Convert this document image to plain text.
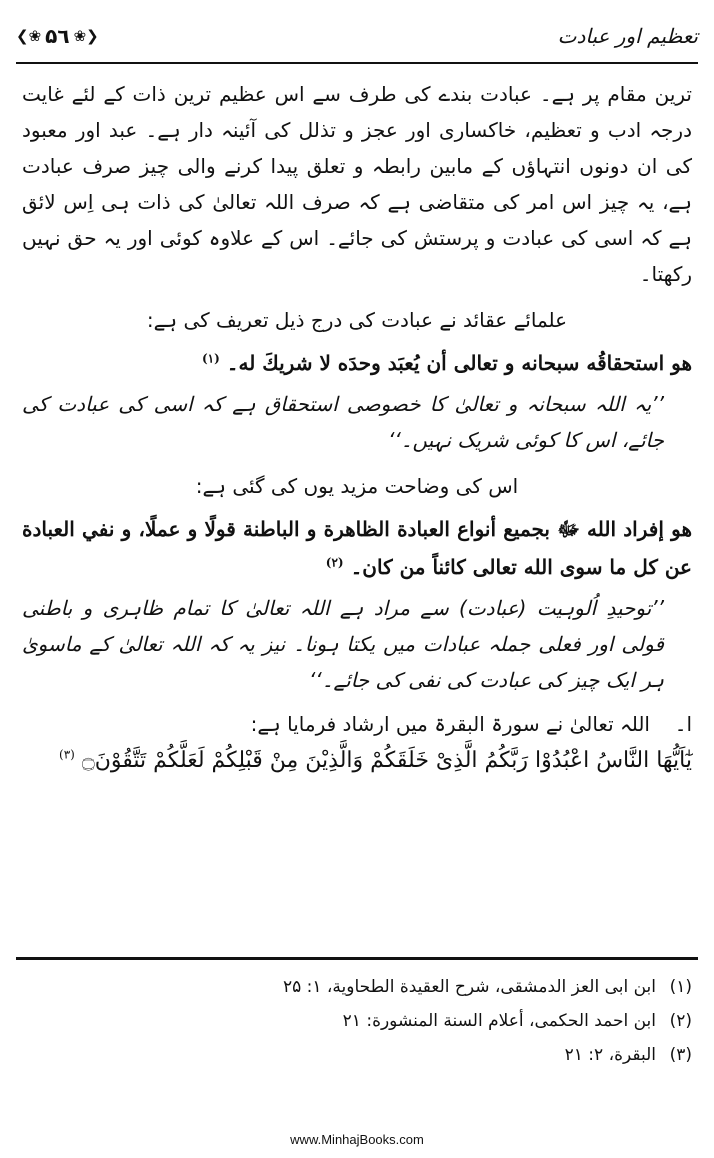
تعظیم اور عبادت
❮❀ ۵٦ ❀❯

ترین مقام پر ہے۔ عبادت بندے کی طرف سے اس عظیم ترین ذات کے لئے غایت درجہ ادب و تعظیم، خاکساری اور عجز و تذلل کی آئینہ دار ہے۔ عبد اور معبود کی ان دونوں انتہاؤں کے مابین رابطہ و تعلق پیدا کرنے والی چیز صرف عبادت ہے، یہ چیز اس امر کی متقاضی ہے کہ صرف اللہ تعالیٰ کی ذات ہی اِس لائق ہے کہ اسی کی عبادت و پرستش کی جائے۔ اس کے علاوہ کوئی اور یہ حق نہیں رکھتا۔

علمائے عقائد نے عبادت کی درج ذیل تعریف کی ہے:

هو استحقاقُه سبحانه و تعالى أن يُعبَد وحدَه لا شريكَ له۔ $^{(١)}$

’’یہ اللہ سبحانہ و تعالیٰ کا خصوصی استحقاق ہے کہ اسی کی عبادت کی جائے، اس کا کوئی شریک نہیں۔‘‘

اس کی وضاحت مزید یوں کی گئی ہے:

هو إفراد الله ﷻ بجميع أنواع العبادة الظاهرة و الباطنة قولًا و عملًا، و نفي العبادة عن كل ما سوى الله تعالى كائناً من كان۔ $^{(٢)}$

’’توحیدِ اُلوہیت (عبادت) سے مراد ہے اللہ تعالیٰ کا تمام ظاہری و باطنی قولی اور فعلی جملہ عبادات میں یکتا ہونا۔ نیز یہ کہ اللہ تعالیٰ کے ماسویٰ ہر ایک چیز کی عبادت کی نفی کی جائے۔‘‘

ا۔
اللہ تعالیٰ نے سورۃ البقرۃ میں ارشاد فرمایا ہے:

يٰٓاَيُّهَا النَّاسُ اعْبُدُوْا رَبَّكُمُ الَّذِیْ خَلَقَكُمْ وَالَّذِيْنَ مِنْ قَبْلِكُمْ لَعَلَّكُمْ تَتَّقُوْنَ۝ $^{(٣)}$

(١)
ابن ابی العز الدمشقی، شرح العقيدة الطحاوية، ١: ٢۵
(٢)
ابن احمد الحكمی، أعلام السنة المنشورة: ٢١
(٣)
البقرة، ٢: ٢١
www.MinhajBooks.com
